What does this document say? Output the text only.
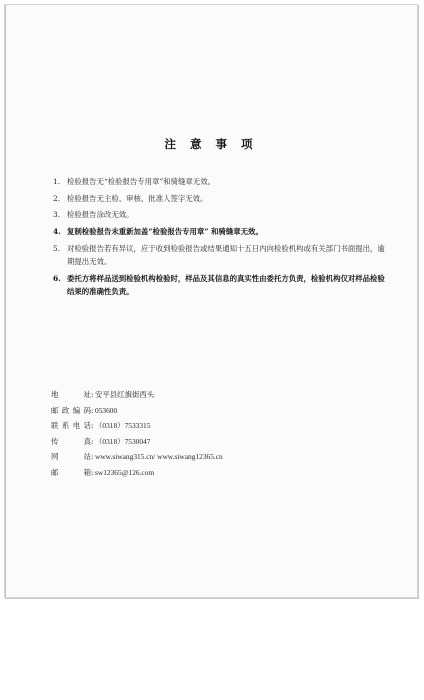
注 意 事 项
1. 检验报告无“检验报告专用章”和骑缝章无效。
2. 检验报告无主检、审核、批准人签字无效。
3. 检验报告涂改无效。
4. 复制检验报告未重新加盖“检验报告专用章” 和骑缝章无效。
5. 对检验报告若有异议，应于收到检验报告或结果通知十五日内向检验机构或有关部门书面提出，逾期提出无效。
6. 委托方将样品送到检验机构检验时，样品及其信息的真实性由委托方负责，检验机构仅对样品检验结果的准确性负责。
地 址 : 安平县红旗街西头
邮政编码 : 053600
联系电话 : （0318）7533315
传 真 : （0318）7530047
网 站 : www.siwang315.cn/ www.siwang12365.cn
邮 箱 : sw12365@126.com
